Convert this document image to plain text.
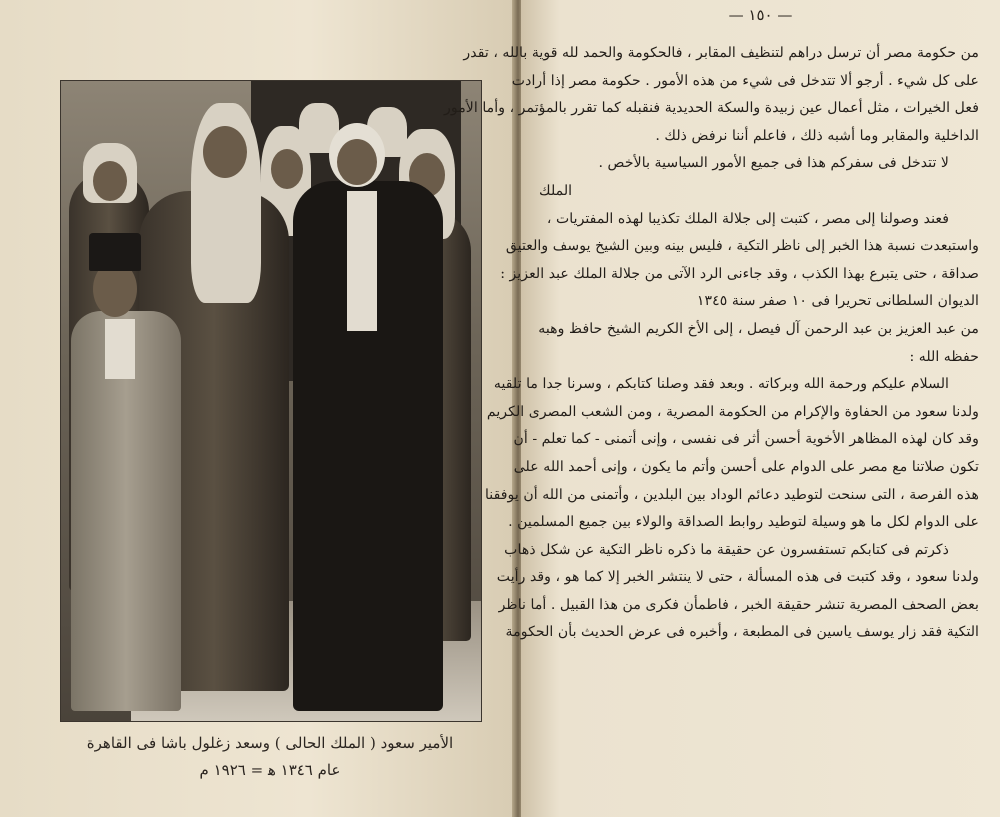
الأمير سعود ( الملك الحالى ) وسعد زغلول باشا فى القاهرة
عام ١٣٤٦ ﻫ = ١٩٢٦ م
— ١٥٠ —
من حكومة مصر أن ترسل دراهم لتنظيف المقابر ، فالحكومة والحمد لله قوية بالله ، تقدر
على كل شيء . أرجو ألا تتدخل فى شيء من هذه الأمور . حكومة مصر إذا أرادت
فعل الخيرات ، مثل أعمال عين زبيدة والسكة الحديدية فنقبله كما تقرر بالمؤتمر ، وأما الأمور
الداخلية والمقابر وما أشبه ذلك ، فاعلم أننا نرفض ذلك .
لا تتدخل فى سفركم هذا فى جميع الأمور السياسية بالأخص .
الملك
فعند وصولنا إلى مصر ، كتبت إلى جلالة الملك تكذيبا لهذه المفتريات ،
واستبعدت نسبة هذا الخبر إلى ناظر التكية ، فليس بينه وبين الشيخ يوسف والعتيق
صداقة ، حتى يتبرع بهذا الكذب ، وقد جاءنى الرد الآتى من جلالة الملك عبد العزيز :
الديوان السلطانى تحريرا فى ١٠ صفر سنة ١٣٤٥
من عبد العزيز بن عبد الرحمن آل فيصل ، إلى الأخ الكريم الشيخ حافظ وهبه
حفظه الله :
السلام عليكم ورحمة الله وبركاته . وبعد فقد وصلنا كتابكم ، وسرنا جدا ما تلقيه
ولدنا سعود من الحفاوة والإكرام من الحكومة المصرية ، ومن الشعب المصرى الكريم
وقد كان لهذه المظاهر الأخوية أحسن أثر فى نفسى ، وإنى أتمنى - كما تعلم - أن
تكون صلاتنا مع مصر على الدوام على أحسن وأتم ما يكون ، وإنى أحمد الله على
هذه الفرصة ، التى سنحت لتوطيد دعائم الوداد بين البلدين ، وأتمنى من الله أن يوفقنا
على الدوام لكل ما هو وسيلة لتوطيد روابط الصداقة والولاء بين جميع المسلمين .
ذكرتم فى كتابكم تستفسرون عن حقيقة ما ذكره ناظر التكية عن شكل ذهاب
ولدنا سعود ، وقد كتبت فى هذه المسألة ، حتى لا ينتشر الخبر إلا كما هو ، وقد رأيت
بعض الصحف المصرية تنشر حقيقة الخبر ، فاطمأن فكرى من هذا القبيل . أما ناظر
التكية فقد زار يوسف ياسين فى المطبعة ، وأخبره فى عرض الحديث بأن الحكومة
